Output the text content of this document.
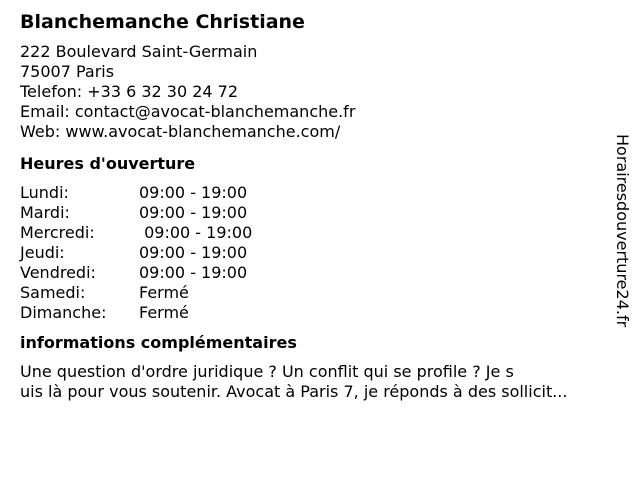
Blanchemanche Christiane
222 Boulevard Saint-Germain
75007 Paris
Telefon: +33 6 32 30 24 72
Email: contact@avocat-blanchemanche.fr
Web: www.avocat-blanchemanche.com/
Heures d'ouverture
Lundi:	09:00 - 19:00
Mardi:	09:00 - 19:00
Mercredi:	09:00 - 19:00
Jeudi:	09:00 - 19:00
Vendredi:	09:00 - 19:00
Samedi:	Fermé
Dimanche:	Fermé
informations complémentaires
Une question d'ordre juridique ? Un conflit qui se profile ? Je s
uis là pour vous soutenir. Avocat à Paris 7, je réponds à des sollicit...
Horairesdouverture24.fr
